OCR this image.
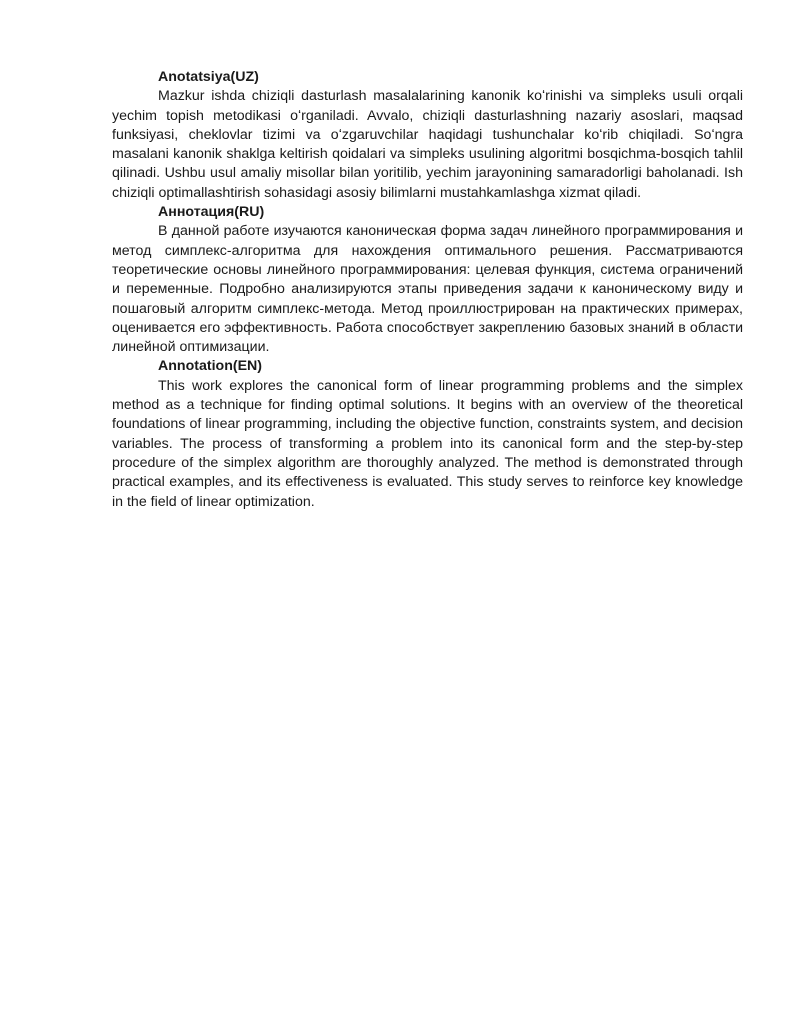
Anotatsiya(UZ)

Mazkur ishda chiziqli dasturlash masalalarining kanonik koʻrinishi va simpleks usuli orqali yechim topish metodikasi oʻrganiladi. Avvalo, chiziqli dasturlashning nazariy asoslari, maqsad funksiyasi, cheklovlar tizimi va oʻzgaruvchilar haqidagi tushunchalar koʻrib chiqiladi. Soʻngra masalani kanonik shaklga keltirish qoidalari va simpleks usulining algoritmi bosqichma-bosqich tahlil qilinadi. Ushbu usul amaliy misollar bilan yoritilib, yechim jarayonining samaradorligi baholanadi. Ish chiziqli optimallashtirish sohasidagi asosiy bilimlarni mustahkamlashga xizmat qiladi.

Аннотация(RU)

В данной работе изучаются каноническая форма задач линейного программирования и метод симплекс-алгоритма для нахождения оптимального решения. Рассматриваются теоретические основы линейного программирования: целевая функция, система ограничений и переменные. Подробно анализируются этапы приведения задачи к каноническому виду и пошаговый алгоритм симплекс-метода. Метод проиллюстрирован на практических примерах, оценивается его эффективность. Работа способствует закреплению базовых знаний в области линейной оптимизации.

Annotation(EN)

This work explores the canonical form of linear programming problems and the simplex method as a technique for finding optimal solutions. It begins with an overview of the theoretical foundations of linear programming, including the objective function, constraints system, and decision variables. The process of transforming a problem into its canonical form and the step-by-step procedure of the simplex algorithm are thoroughly analyzed. The method is demonstrated through practical examples, and its effectiveness is evaluated. This study serves to reinforce key knowledge in the field of linear optimization.
